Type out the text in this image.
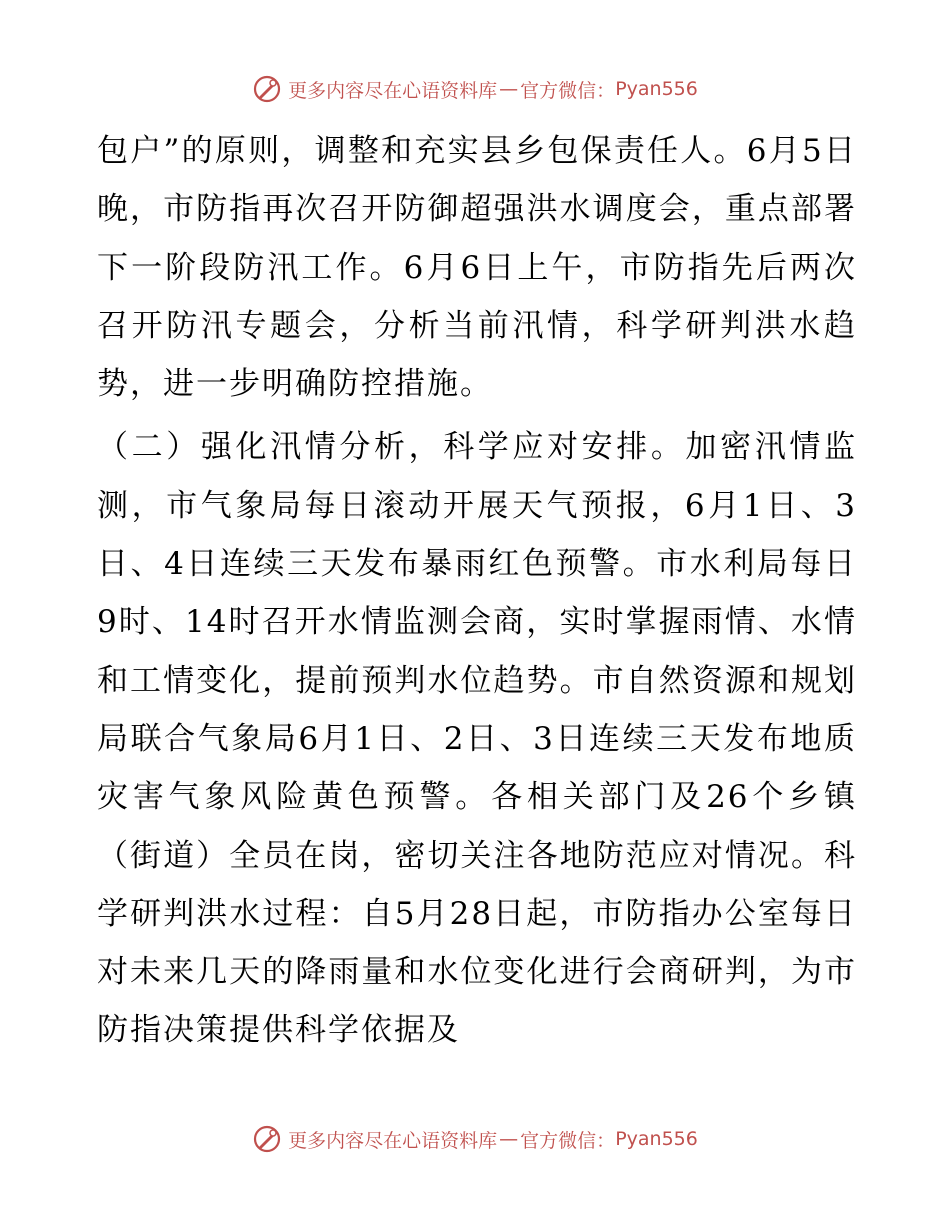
更多内容尽在心语资料库 — 官方微信： Pyan556

包户”的原则，调整和充实县乡包保责任人。6月5日晚，市防指再次召开防御超强洪水调度会，重点部署下一阶段防汛工作。6月6日上午，市防指先后两次召开防汛专题会，分析当前汛情，科学研判洪水趋势，进一步明确防控措施。

（二）强化汛情分析，科学应对安排。加密汛情监测，市气象局每日滚动开展天气预报，6月1日、3日、4日连续三天发布暴雨红色预警。市水利局每日9时、14时召开水情监测会商，实时掌握雨情、水情和工情变化，提前预判水位趋势。市自然资源和规划局联合气象局6月1日、2日、3日连续三天发布地质灾害气象风险黄色预警。各相关部门及26个乡镇（街道）全员在岗，密切关注各地防范应对情况。科学研判洪水过程：自5月28日起，市防指办公室每日对未来几天的降雨量和水位变化进行会商研判，为市防指决策提供科学依据及

更多内容尽在心语资料库 — 官方微信： Pyan556
